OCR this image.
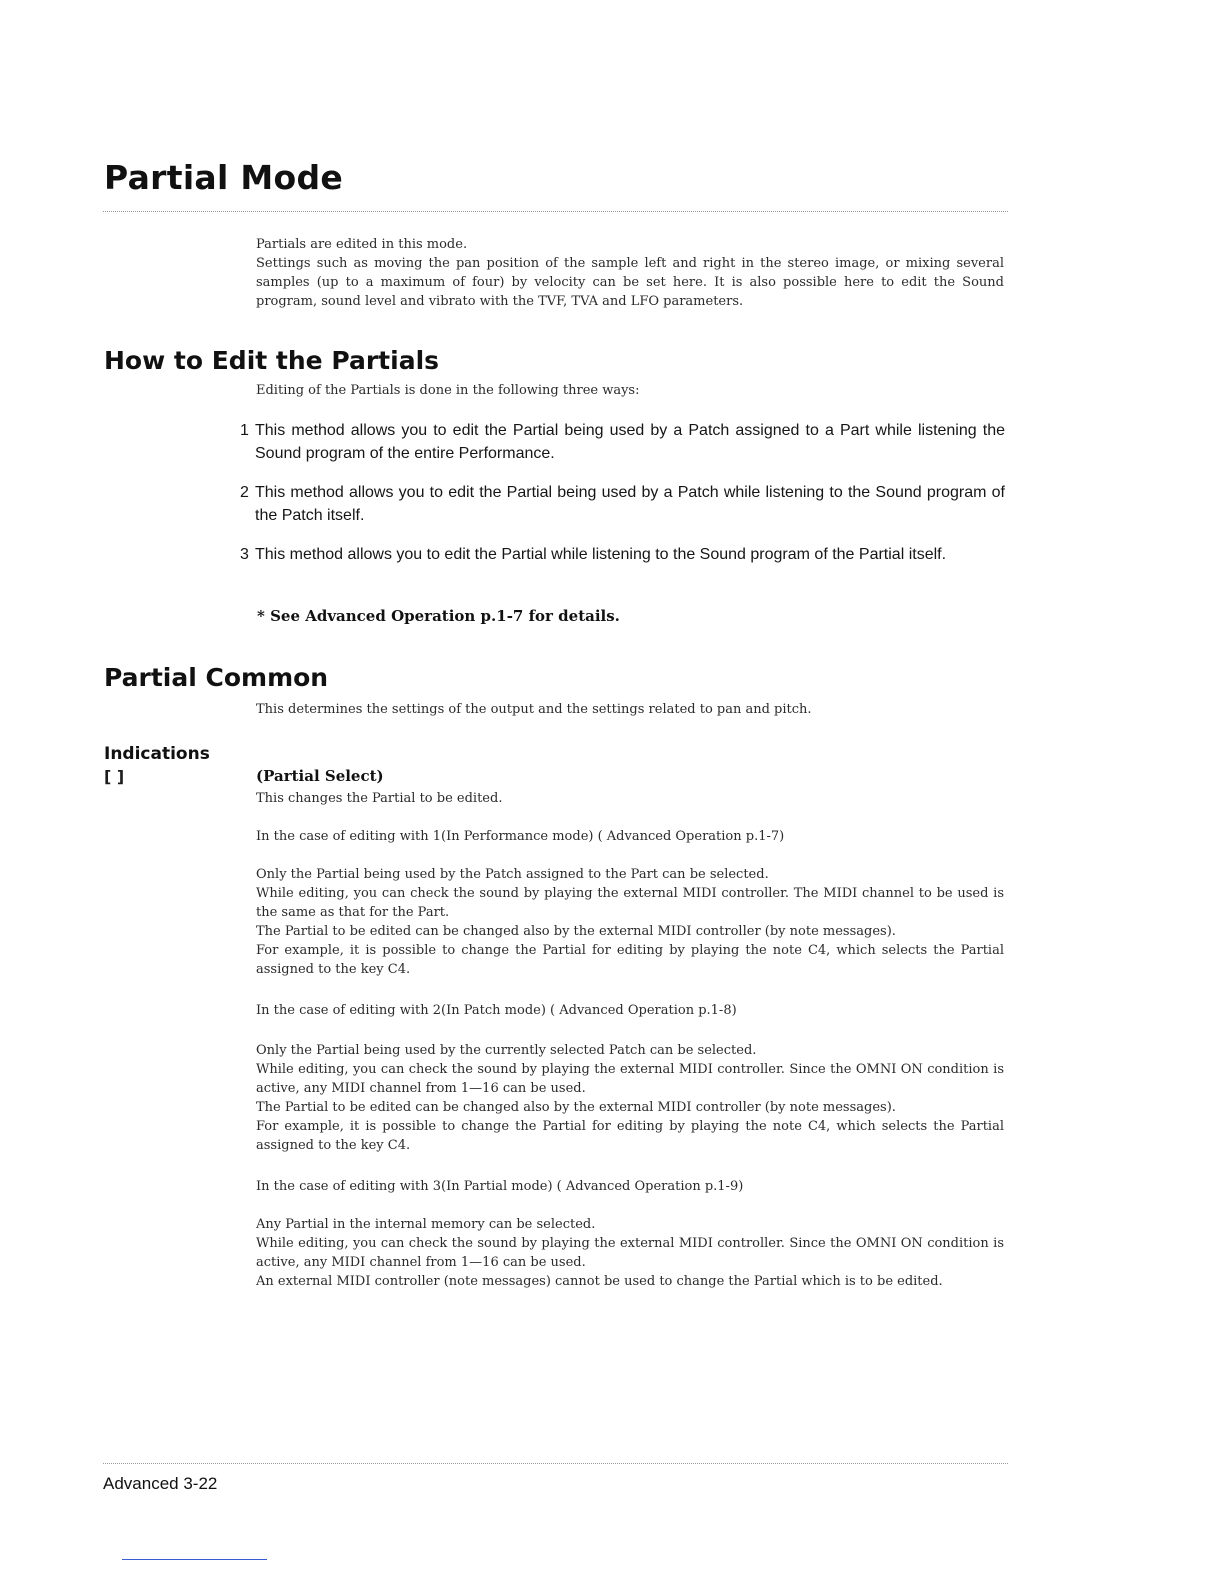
Partial Mode
Partials are edited in this mode.
Settings such as moving the pan position of the sample left and right in the stereo image, or mixing several samples (up to a maximum of four) by velocity can be set here. It is also possible here to edit the Sound program, sound level and vibrato with the TVF, TVA and LFO parameters.
How to Edit the Partials
Editing of the Partials is done in the following three ways:
1 This method allows you to edit the Partial being used by a Patch assigned to a Part while listening the Sound program of the entire Performance.
2 This method allows you to edit the Partial being used by a Patch while listening to the Sound program of the Patch itself.
3 This method allows you to edit the Partial while listening to the Sound program of the Partial itself.

* See Advanced Operation p.1-7 for details.

Partial Common
This determines the settings of the output and the settings related to pan and pitch.
Indications

[ ]	(Partial Select)

This changes the Partial to be edited.
In the case of editing with 1(In Performance mode) ( Advanced Operation p.1-7)
Only the Partial being used by the Patch assigned to the Part can be selected.
While editing, you can check the sound by playing the external MIDI controller. The MIDI channel to be used is the same as that for the Part.
The Partial to be edited can be changed also by the external MIDI controller (by note messages).
For example, it is possible to change the Partial for editing by playing the note C4, which selects the Partial assigned to the key C4.
In the case of editing with 2(In Patch mode) ( Advanced Operation p.1-8)
Only the Partial being used by the currently selected Patch can be selected.
While editing, you can check the sound by playing the external MIDI controller. Since the OMNI ON condition is active, any MIDI channel from 1—16 can be used.
The Partial to be edited can be changed also by the external MIDI controller (by note messages).
For example, it is possible to change the Partial for editing by playing the note C4, which selects the Partial assigned to the key C4.
In the case of editing with 3(In Partial mode) ( Advanced Operation p.1-9)
Any Partial in the internal memory can be selected.
While editing, you can check the sound by playing the external MIDI controller. Since the OMNI ON condition is active, any MIDI channel from 1—16 can be used.
An external MIDI controller (note messages) cannot be used to change the Partial which is to be edited.

Advanced 3-22
